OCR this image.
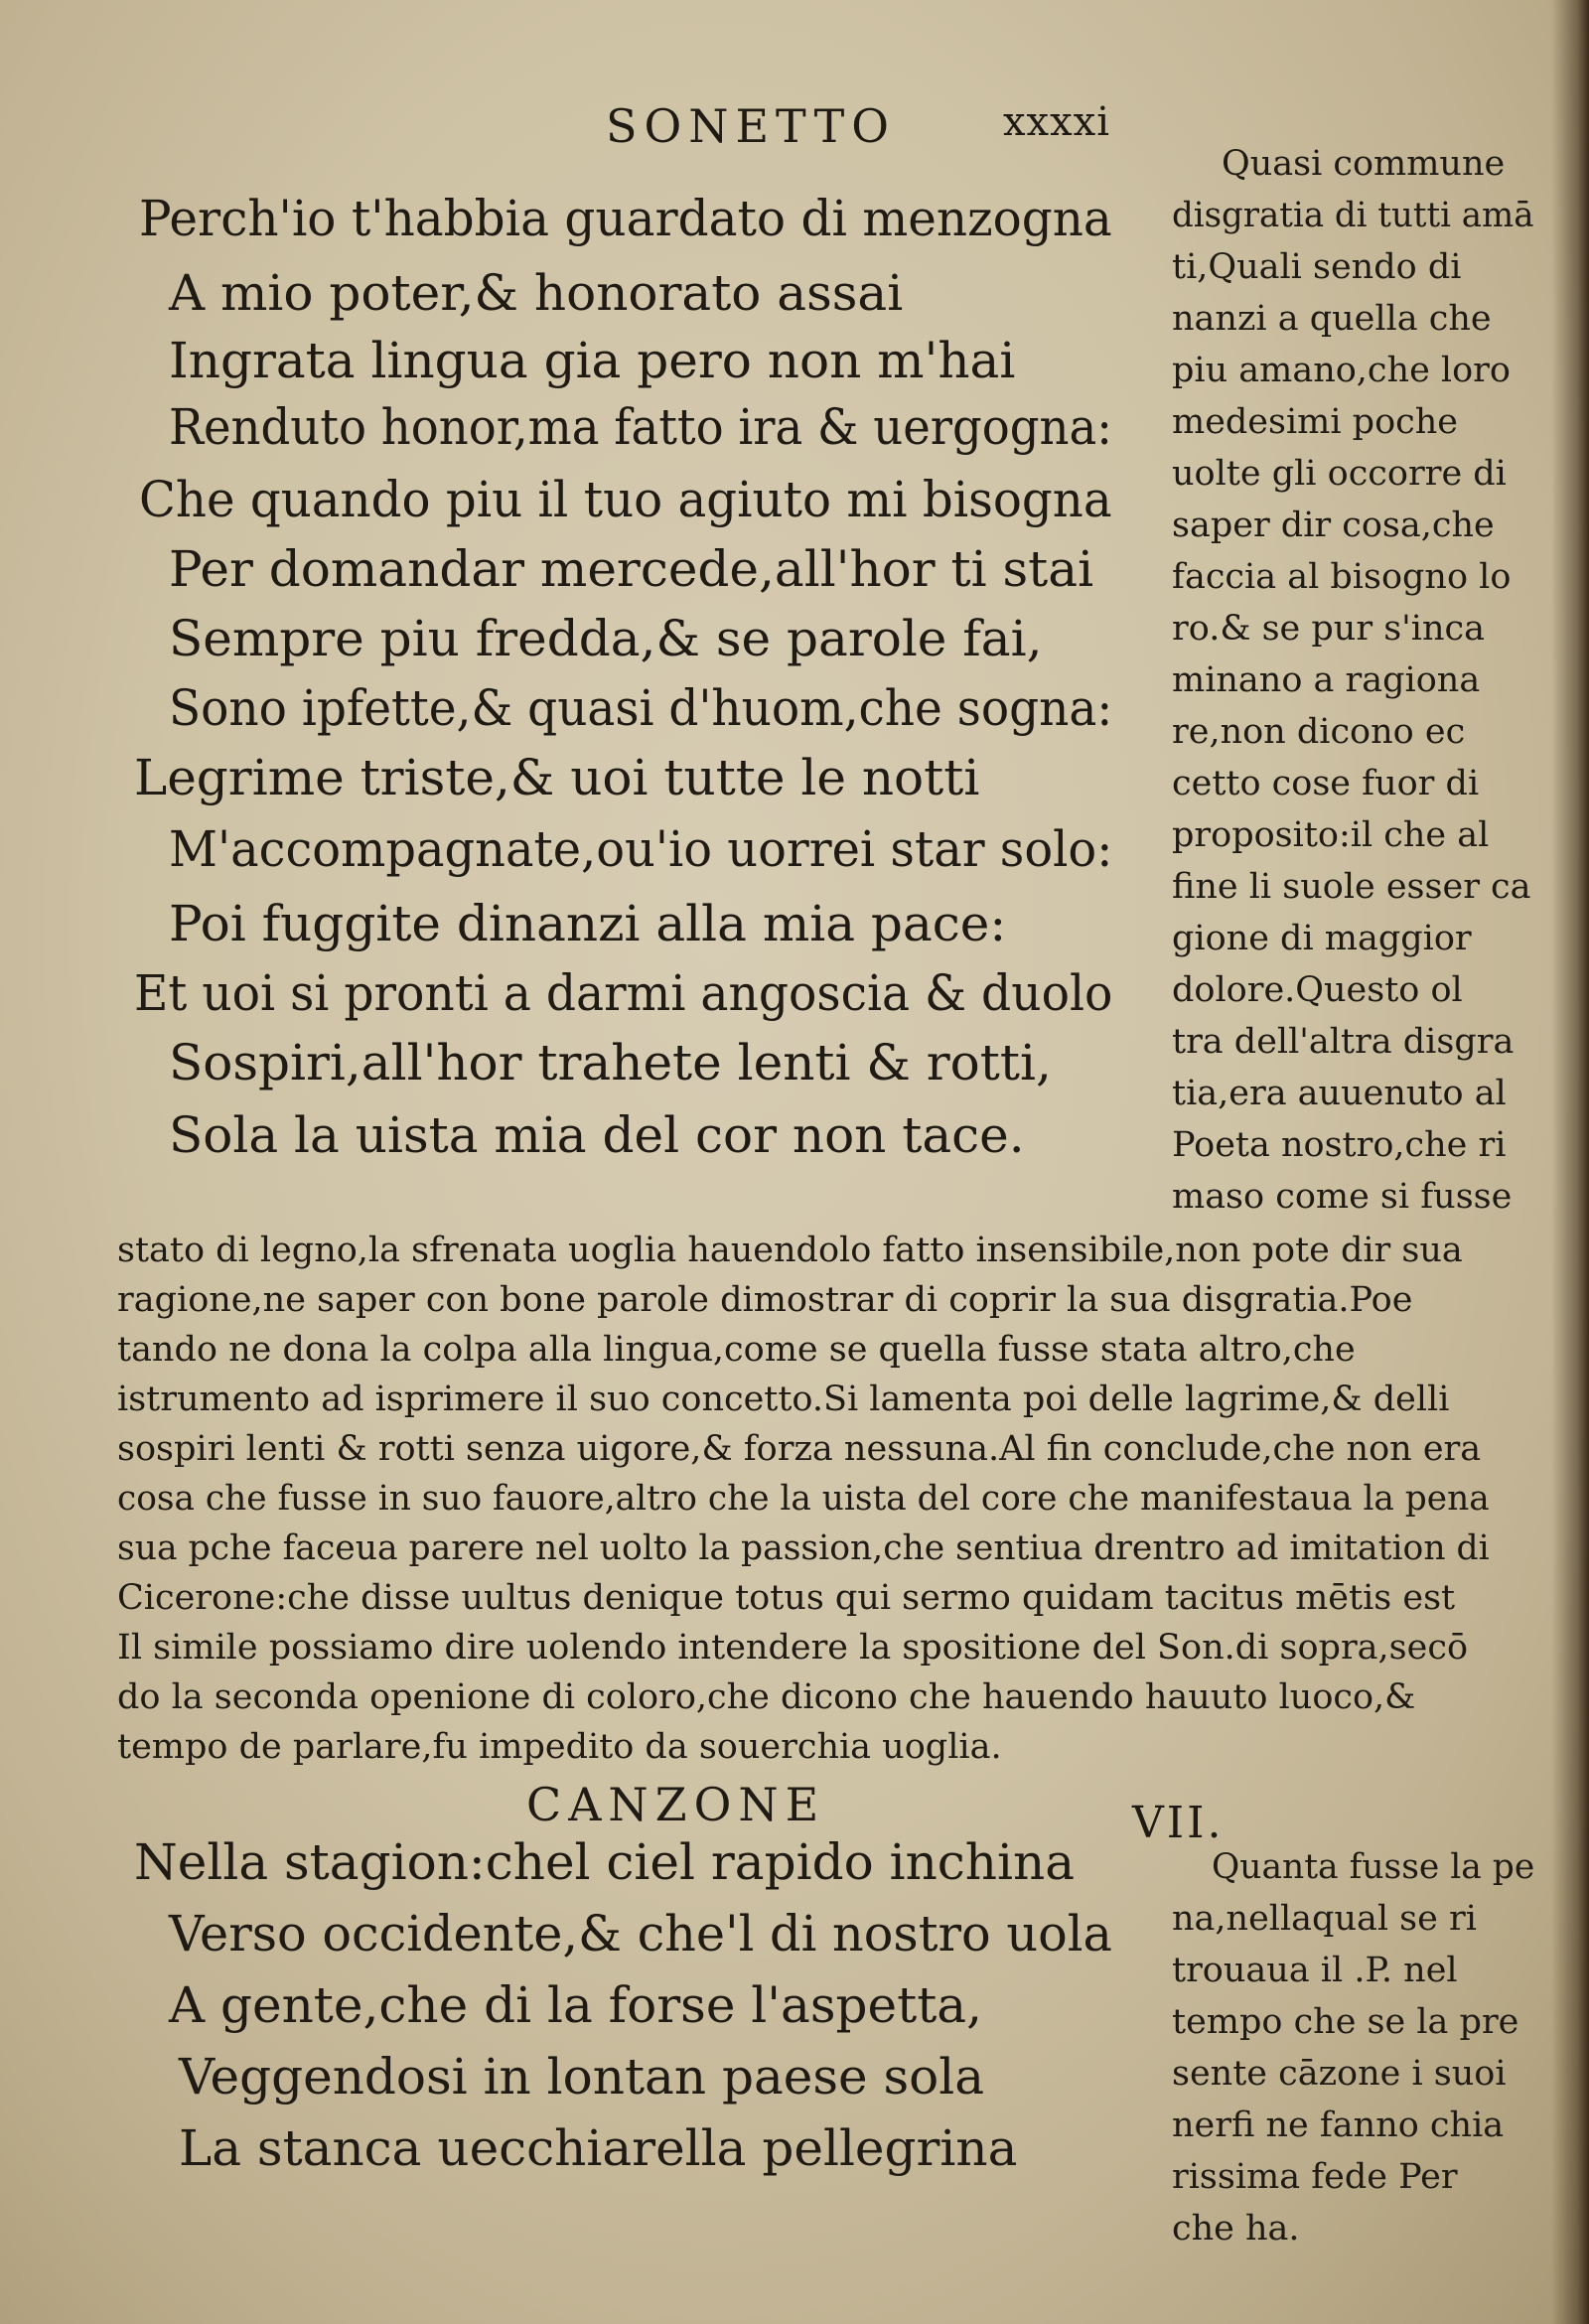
SONETTO	xxxxi
Perch'io t'habbia guardato di menzogna
A mio poter,& honorato assai
Ingrata lingua gia pero non m'hai
Renduto honor,ma fatto ira & uergogna:
Che quando piu il tuo agiuto mi bisogna
Per domandar mercede,all'hor ti stai
Sempre piu fredda,& se parole fai,
Sono ipfette,& quasi d'huom,che sogna:
Legrime triste,& uoi tutte le notti
M'accompagnate,ou'io uorrei star solo:
Poi fuggite dinanzi alla mia pace:
Et uoi si pronti a darmi angoscia & duolo
Sospiri,all'hor trahete lenti & rotti,
Sola la uista mia del cor non tace.
Quasi commune
disgratia di tutti amā
ti,Quali sendo di
nanzi a quella che
piu amano,che loro
medesimi poche
uolte gli occorre di
saper dir cosa,che
faccia al bisogno lo
ro.& se pur s'inca
minano a ragiona
re,non dicono ec
cetto cose fuor di
proposito:il che al
fine li suole esser ca
gione di maggior
dolore.Questo ol
tra dell'altra disgra
tia,era auuenuto al
Poeta nostro,che ri
maso come si fusse
stato di legno,la sfrenata uoglia hauendolo fatto insensibile,non pote dir sua
ragione,ne saper con bone parole dimostrar di coprir la sua disgratia.Poe
tando ne dona la colpa alla lingua,come se quella fusse stata altro,che
istrumento ad isprimere il suo concetto.Si lamenta poi delle lagrime,& delli
sospiri lenti & rotti senza uigore,& forza nessuna.Al fin conclude,che non era
cosa che fusse in suo fauore,altro che la uista del core che manifestaua la pena
sua pche faceua parere nel uolto la passion,che sentiua drentro ad imitation di
Cicerone:che disse uultus denique totus qui sermo quidam tacitus mētis est
Il simile possiamo dire uolendo intendere la spositione del Son.di sopra,secō
do la seconda openione di coloro,che dicono che hauendo hauuto luoco,&
tempo de parlare,fu impedito da souerchia uoglia.
CANZONE	VII.
Nella stagion:chel ciel rapido inchina
Verso occidente,& che'l di nostro uola
A gente,che di la forse l'aspetta,
Veggendosi in lontan paese sola
La stanca uecchiarella pellegrina
Quanta fusse la pe
na,nellaqual se ri
trouaua il .P. nel
tempo che se la pre
sente cāzone i suoi
nerfi ne fanno chia
rissima fede Per
che ha.
